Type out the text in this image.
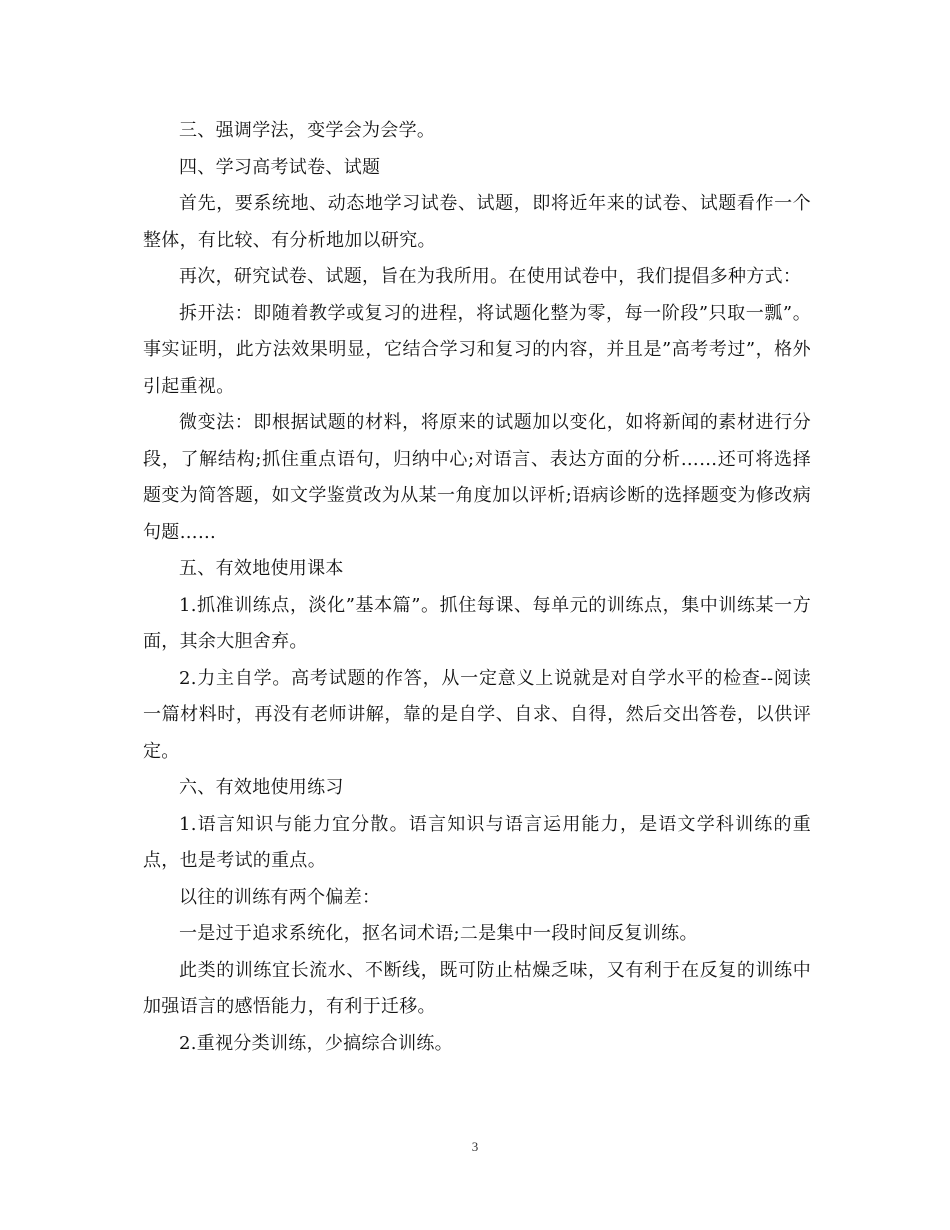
三、强调学法，变学会为会学。

四、学习高考试卷、试题

首先，要系统地、动态地学习试卷、试题，即将近年来的试卷、试题看作一个整体，有比较、有分析地加以研究。

再次，研究试卷、试题，旨在为我所用。在使用试卷中，我们提倡多种方式：

拆开法：即随着教学或复习的进程，将试题化整为零，每一阶段”只取一瓢”。事实证明，此方法效果明显，它结合学习和复习的内容，并且是”高考考过”，格外引起重视。

微变法：即根据试题的材料，将原来的试题加以变化，如将新闻的素材进行分段，了解结构;抓住重点语句，归纳中心;对语言、表达方面的分析……还可将选择题变为简答题，如文学鉴赏改为从某一角度加以评析;语病诊断的选择题变为修改病句题……

五、有效地使用课本

1.抓准训练点，淡化”基本篇”。抓住每课、每单元的训练点，集中训练某一方面，其余大胆舍弃。

2.力主自学。高考试题的作答，从一定意义上说就是对自学水平的检查--阅读一篇材料时，再没有老师讲解，靠的是自学、自求、自得，然后交出答卷，以供评定。

六、有效地使用练习

1.语言知识与能力宜分散。语言知识与语言运用能力，是语文学科训练的重点，也是考试的重点。

以往的训练有两个偏差：

一是过于追求系统化，抠名词术语;二是集中一段时间反复训练。

此类的训练宜长流水、不断线，既可防止枯燥乏味，又有利于在反复的训练中加强语言的感悟能力，有利于迁移。

2.重视分类训练，少搞综合训练。

3
